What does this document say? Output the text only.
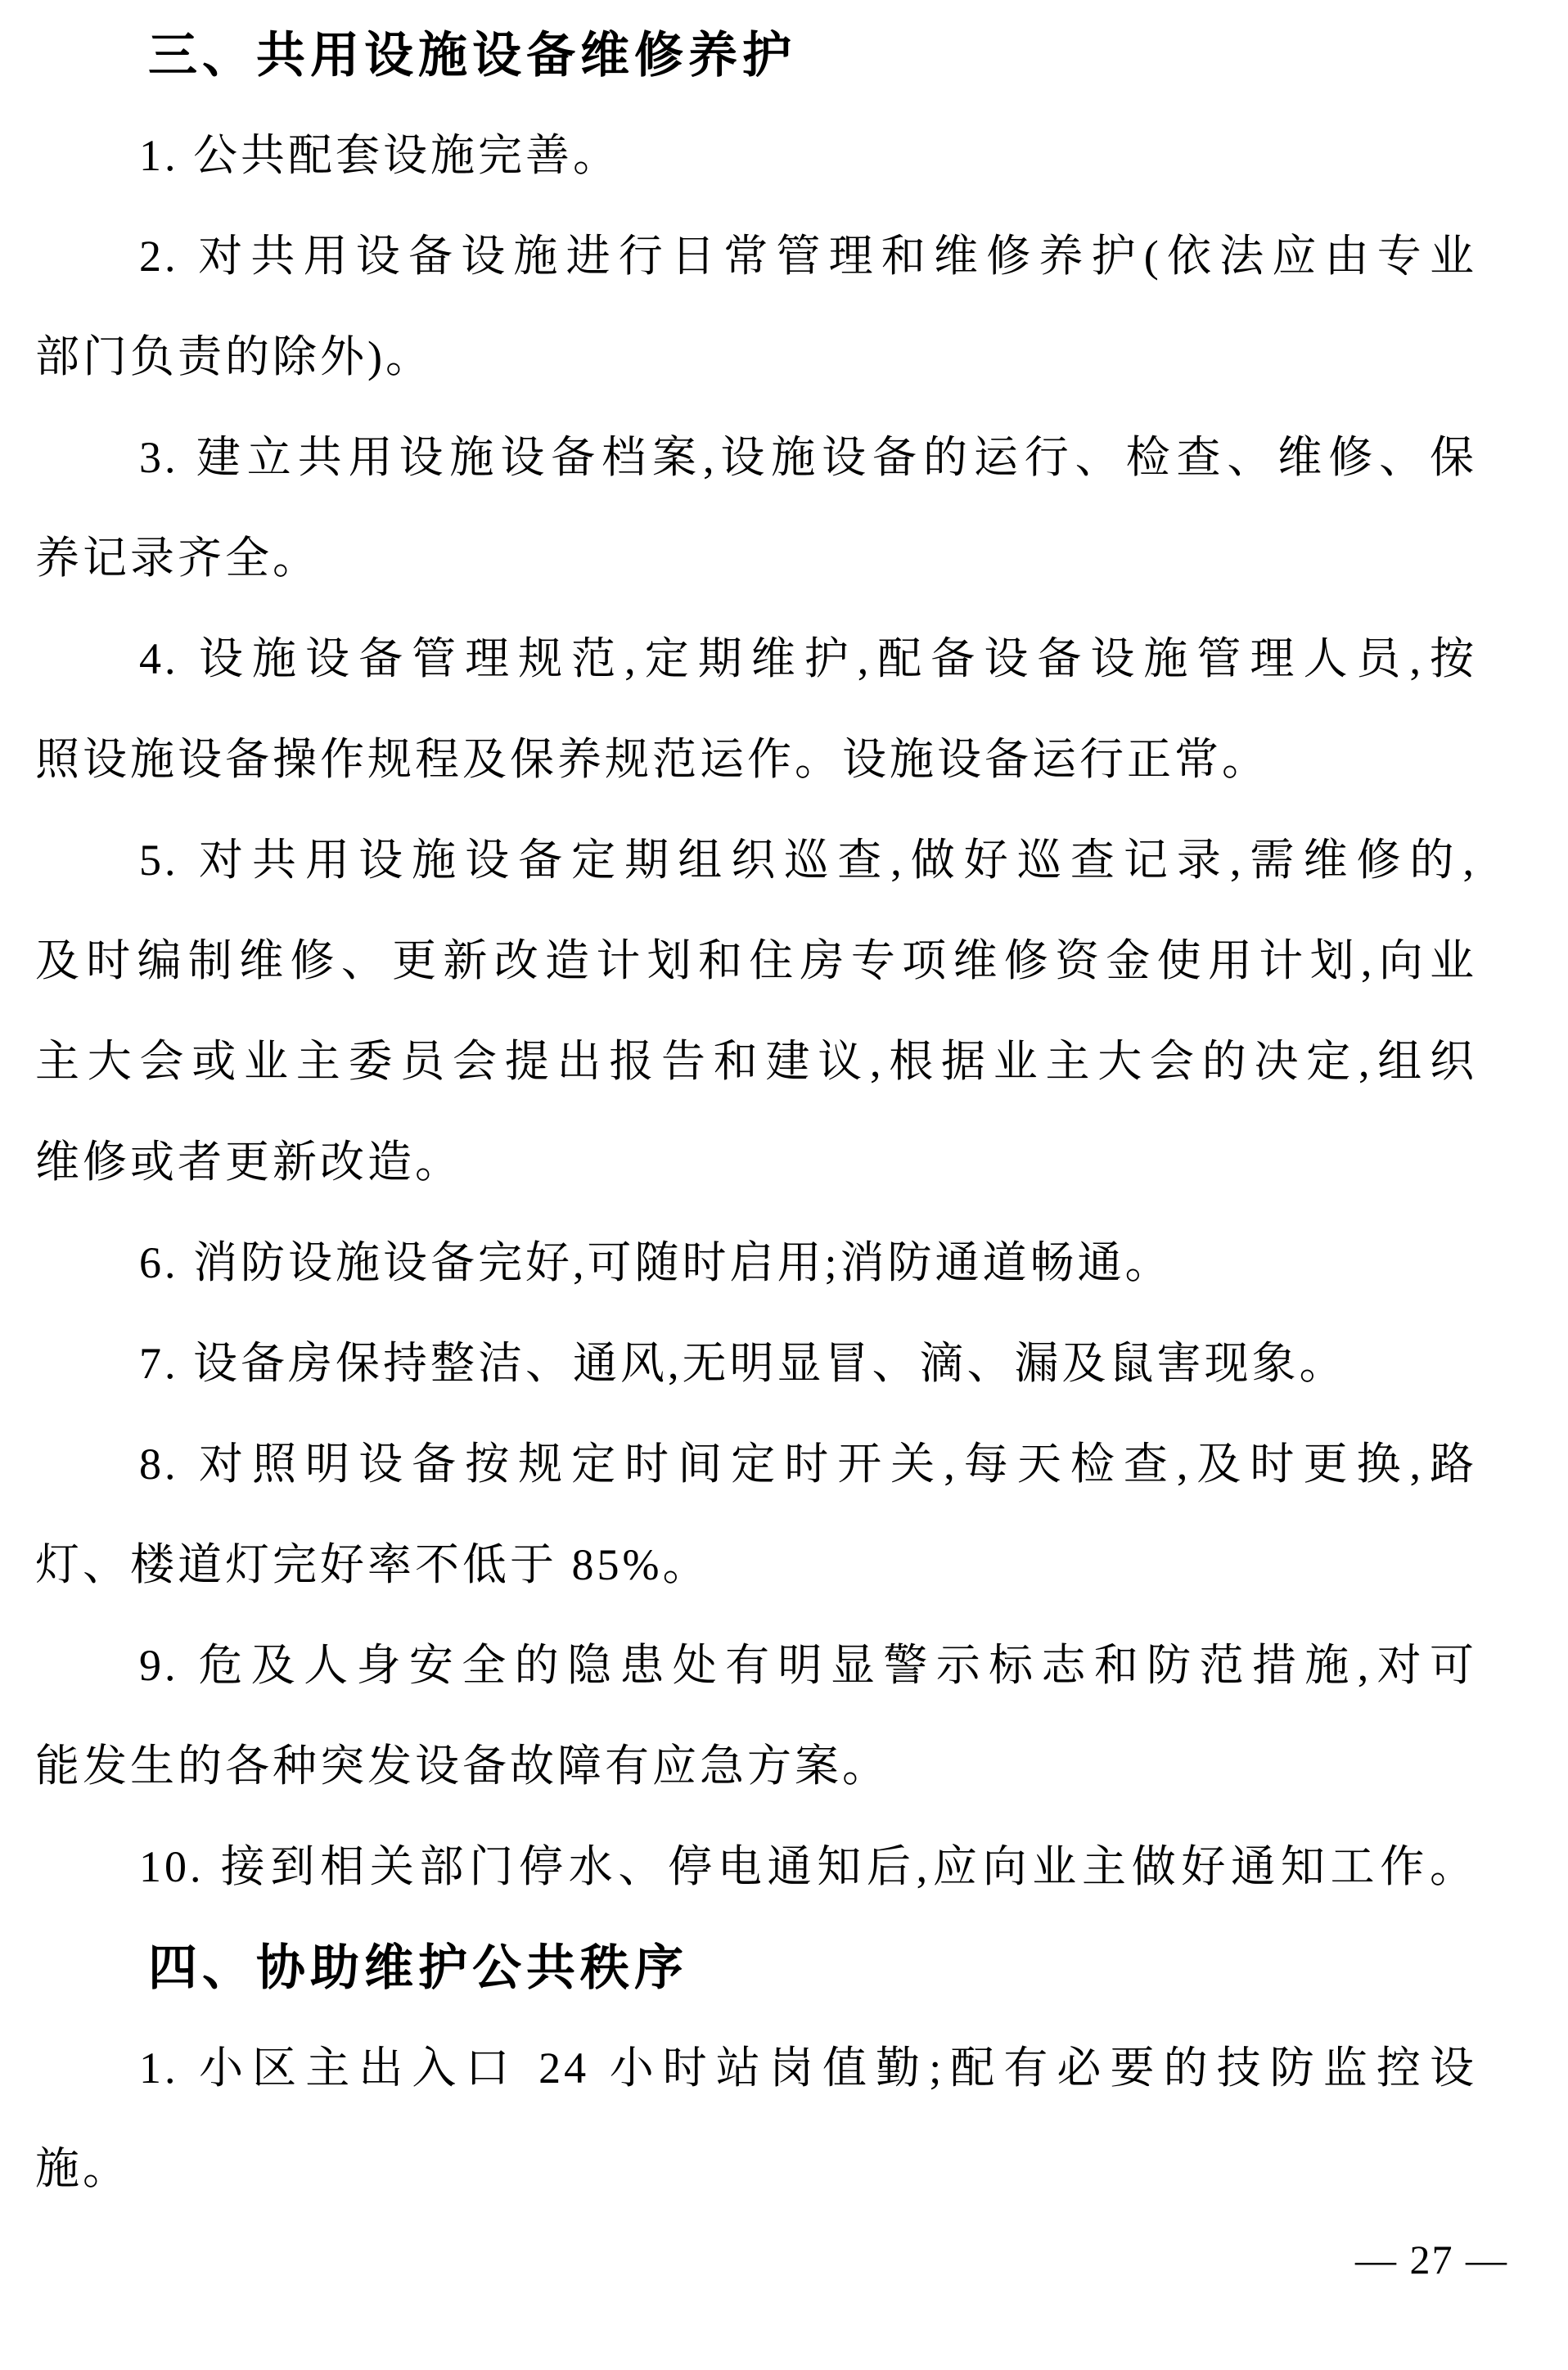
三、共用设施设备维修养护
1. 公共配套设施完善。
2. 对共用设备设施进行日常管理和维修养护(依法应由专业
部门负责的除外)。
3. 建立共用设施设备档案,设施设备的运行、检查、维修、保
养记录齐全。
4. 设施设备管理规范,定期维护,配备设备设施管理人员,按
照设施设备操作规程及保养规范运作。设施设备运行正常。
5. 对共用设施设备定期组织巡查,做好巡查记录,需维修的,
及时编制维修、更新改造计划和住房专项维修资金使用计划,向业
主大会或业主委员会提出报告和建议,根据业主大会的决定,组织
维修或者更新改造。
6. 消防设施设备完好,可随时启用;消防通道畅通。
7. 设备房保持整洁、通风,无明显冒、滴、漏及鼠害现象。
8. 对照明设备按规定时间定时开关,每天检查,及时更换,路
灯、楼道灯完好率不低于 85%。
9. 危及人身安全的隐患处有明显警示标志和防范措施,对可
能发生的各种突发设备故障有应急方案。
10. 接到相关部门停水、停电通知后,应向业主做好通知工作。
四、协助维护公共秩序
1. 小区主出入口 24 小时站岗值勤;配有必要的技防监控设
施。
— 27 —
